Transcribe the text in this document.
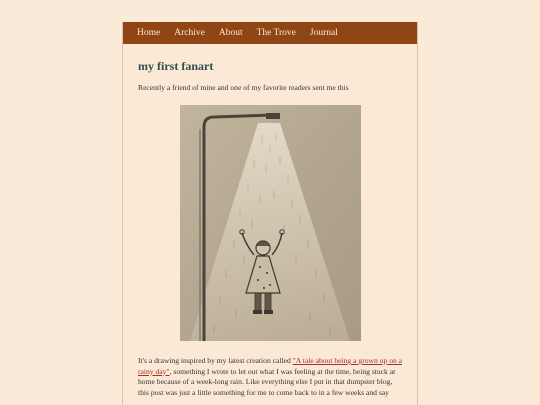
Home Archive About The Trove Journal
my first fanart

Recently a friend of mine and one of my favorite readers sent me this

It's a drawing inspired by my latest creation called "A tale about being a grown up on a rainy day", something I wrote to let out what I was feeling at the time, being stuck at home because of a week-long rain. Like everything else I put in that dumpster blog, this post was just a little something for me to come back to in a few weeks and say
